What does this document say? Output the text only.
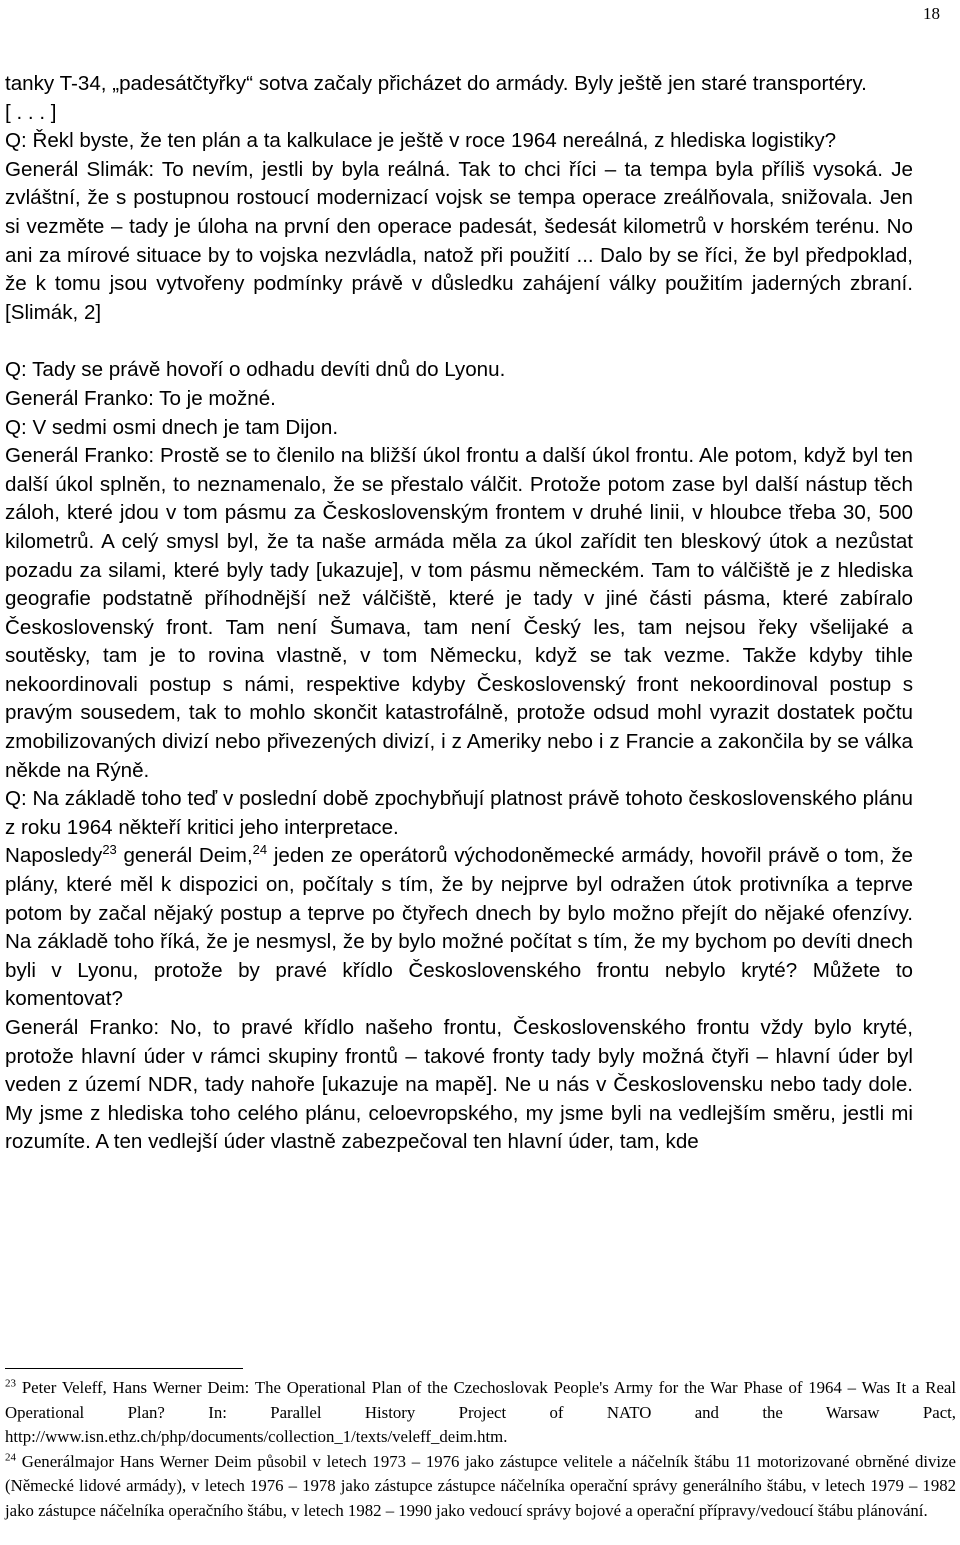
18

tanky T-34, „padesátčtyřky“ sotva začaly přicházet do armády. Byly ještě jen staré transportéry.

[ . . . ]

Q: Řekl byste, že ten plán a ta kalkulace je ještě v roce 1964 nereálná, z hlediska logistiky?

Generál Slimák: To nevím, jestli by byla reálná. Tak to chci říci – ta tempa byla příliš vysoká. Je zvláštní, že s postupnou rostoucí modernizací vojsk se tempa operace zreálňovala, snižovala. Jen si vezměte – tady je úloha na první den operace padesát, šedesát kilometrů v horském terénu. No ani za mírové situace by to vojska nezvládla, natož při použití ... Dalo by se říci, že byl předpoklad, že k tomu jsou vytvořeny podmínky právě v důsledku zahájení války použitím jaderných zbraní. [Slimák, 2]

Q: Tady se právě hovoří o odhadu devíti dnů do Lyonu.

Generál Franko: To je možné.

Q: V sedmi osmi dnech je tam Dijon.

Generál Franko: Prostě se to členilo na bližší úkol frontu a další úkol frontu. Ale potom, když byl ten další úkol splněn, to neznamenalo, že se přestalo válčit. Protože potom zase byl další nástup těch záloh, které jdou v tom pásmu za Československým frontem v druhé linii, v hloubce třeba 30, 500 kilometrů. A celý smysl byl, že ta naše armáda měla za úkol zařídit ten bleskový útok a nezůstat pozadu za silami, které byly tady [ukazuje], v tom pásmu německém. Tam to válčiště je z hlediska geografie podstatně příhodnější než válčiště, které je tady v jiné části pásma, které zabíralo Československý front. Tam není Šumava, tam není Český les, tam nejsou řeky všelijaké a soutěsky, tam je to rovina vlastně, v tom Německu, když se tak vezme. Takže kdyby tihle nekoordinovali postup s námi, respektive kdyby Československý front nekoordinoval postup s pravým sousedem, tak to mohlo skončit katastrofálně, protože odsud mohl vyrazit dostatek počtu zmobilizovaných divizí nebo přivezených divizí, i z Ameriky nebo i z Francie a zakončila by se válka někde na Rýně.

Q: Na základě toho teď v poslední době zpochybňují platnost právě tohoto československého plánu z roku 1964 někteří kritici jeho interpretace.

Naposledy$^{23}$ generál Deim,$^{24}$ jeden ze operátorů východoněmecké armády, hovořil právě o tom, že plány, které měl k dispozici on, počítaly s tím, že by nejprve byl odražen útok protivníka a teprve potom by začal nějaký postup a teprve po čtyřech dnech by bylo možno přejít do nějaké ofenzívy. Na základě toho říká, že je nesmysl, že by bylo možné počítat s tím, že my bychom po devíti dnech byli v Lyonu, protože by pravé křídlo Československého frontu nebylo kryté? Můžete to komentovat?

Generál Franko: No, to pravé křídlo našeho frontu, Československého frontu vždy bylo kryté, protože hlavní úder v rámci skupiny frontů – takové fronty tady byly možná čtyři – hlavní úder byl veden z území NDR, tady nahoře [ukazuje na mapě]. Ne u nás v Československu nebo tady dole. My jsme z hlediska toho celého plánu, celoevropského, my jsme byli na vedlejším směru, jestli mi rozumíte. A ten vedlejší úder vlastně zabezpečoval ten hlavní úder, tam, kde

$^{23}$ Peter Veleff, Hans Werner Deim: The Operational Plan of the Czechoslovak People's Army for the War Phase of 1964 – Was It a Real Operational Plan? In: Parallel History Project of NATO and the Warsaw Pact, http://www.isn.ethz.ch/php/documents/collection_1/texts/veleff_deim.htm.

$^{24}$ Generálmajor Hans Werner Deim působil v letech 1973 – 1976 jako zástupce velitele a náčelník štábu 11 motorizované obrněné divize (Německé lidové armády), v letech 1976 – 1978 jako zástupce zástupce náčelníka operační správy generálního štábu, v letech 1979 – 1982 jako zástupce náčelníka operačního štábu, v letech 1982 – 1990 jako vedoucí správy bojové a operační přípravy/vedoucí štábu plánování.
